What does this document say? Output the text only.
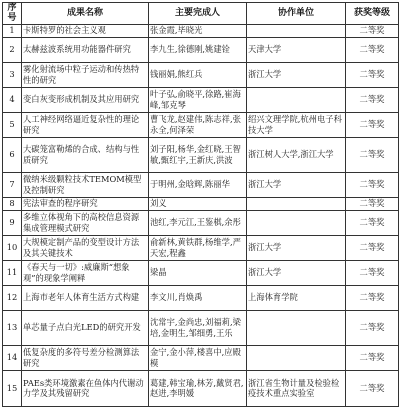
序号	成果名称	主要完成人	协作单位	获奖等级
1	卡斯特罗的社会主义观	张金霞,毕晓光		二等奖
2	太赫兹波系统用功能器件研究	李九生,徐德刚,姚建铨	天津大学	二等奖
3	雾化射流场中粒子运动和传热特性的研究	钱丽娟,熊红兵	浙江大学	二等奖
4	变白灰变形成机制及其应用研究	叶子弘,俞晓平,徐路,崔海峰,邹克琴		二等奖
5	人工神经网络逼近复杂性的理论研究	曹飞龙,赵建伟,陈志祥,张永全,何泽荣	绍兴文理学院,杭州电子科技大学	二等奖
6	大碳笼富勒烯的合成、结构与性质研究	刘子阳,杨华,金红晓,王智敏,甄红宇,王新庆,洪波	浙江树人大学,浙江大学	二等奖
7	微纳米级颗粒技术TEMOM模型及控制研究	于明州,金晗辉,陈丽华	浙江大学	二等奖
8	宪法审查的程序研究	刘义		二等奖
9	多维立体视角下的高校信息资源集成管理模式研究	池红,李元江,王鉴棋,余彤		二等奖
10	大规模定制产品的变型设计方法及其关键技术	俞新林,黄铁群,杨维学,严天宏,程鑫	浙江大学	二等奖
11	《春天与一切》:威廉斯“想象观”的现象学阐释	梁晶	浙江大学	二等奖
12	上海市老年人体育生活方式构建	李文川,肖焕禹	上海体育学院	二等奖
13	单芯量子点白光LED的研究开发	沈常宇,金尚忠,刘福莉,梁培,金明生,邹细勇,王乐		二等奖
14	低复杂度的多符号差分检测算法研究	金宁,金小萍,楼喜中,应殿模		二等奖
15	PAEs类环境激素在鱼体内代谢动力学及其残留研究	葛建,韩宝瑜,林芳,戴贤君,赵进,李明媛	浙江省生物计量及检验检疫技术重点实验室	二等奖
